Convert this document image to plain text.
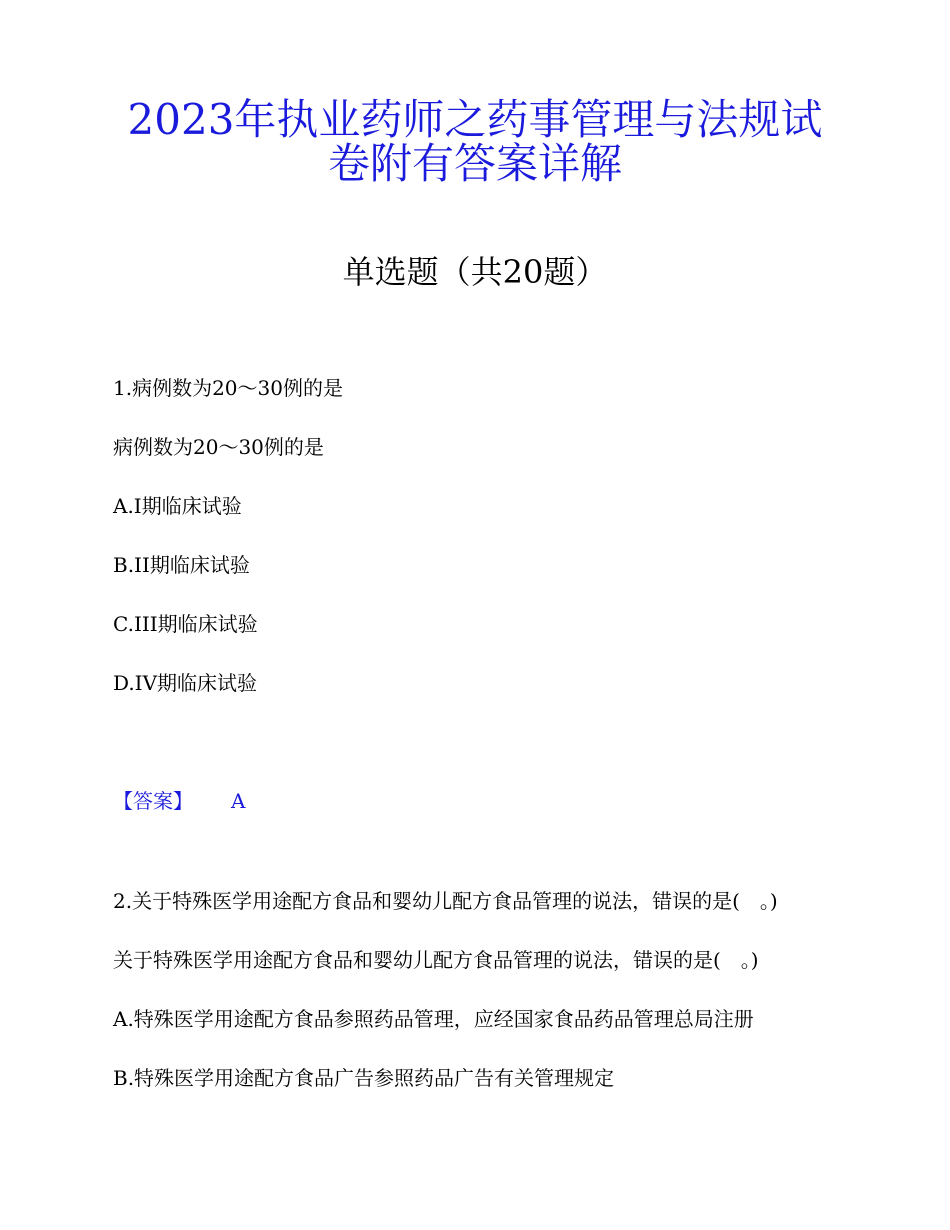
2023年执业药师之药事管理与法规试
卷附有答案详解
单选题（共20题）
1.病例数为20～30例的是
病例数为20～30例的是
A.I期临床试验
B.II期临床试验
C.III期临床试验
D.IV期临床试验
【答案】 A
2.关于特殊医学用途配方食品和婴幼儿配方食品管理的说法，错误的是(　。)
关于特殊医学用途配方食品和婴幼儿配方食品管理的说法，错误的是(　。)
A.特殊医学用途配方食品参照药品管理，应经国家食品药品管理总局注册
B.特殊医学用途配方食品广告参照药品广告有关管理规定
